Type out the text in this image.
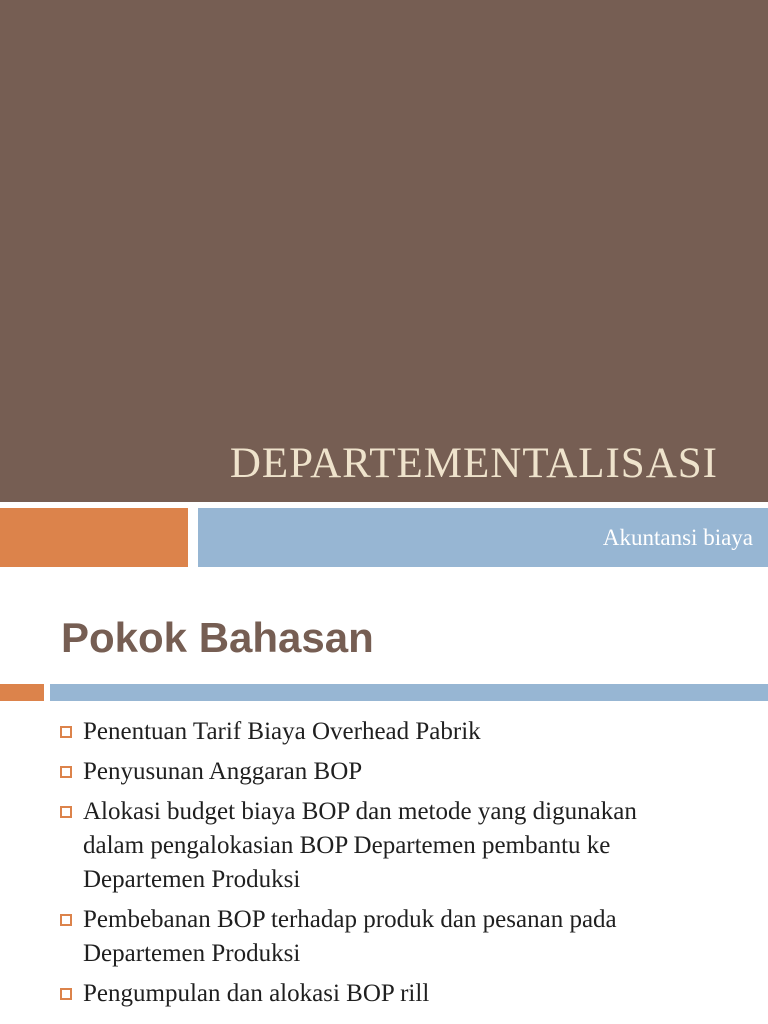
DEPARTEMENTALISASI

Akuntansi biaya

Pokok Bahasan
Penentuan Tarif Biaya Overhead Pabrik
Penyusunan Anggaran BOP
Alokasi budget biaya BOP dan metode yang digunakan
dalam pengalokasian BOP Departemen pembantu ke
Departemen Produksi
Pembebanan BOP terhadap produk dan pesanan pada
Departemen Produksi
Pengumpulan dan alokasi BOP rill
